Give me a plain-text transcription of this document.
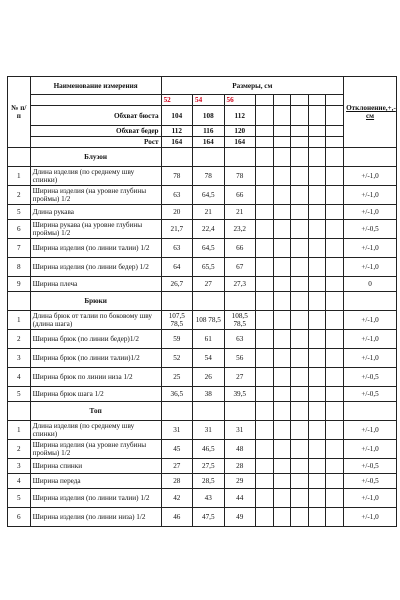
№ п/п	Наименование измерения	Размеры, см								Отклонение,+,- см
		52	54	56						
	Обхват бюста	104	108	112						
	Обхват бедер	112	116	120						
	Рост	164	164	164						
	Блузон									
1	Длина изделия (по среднему шву спинки)	78	78	78						+/-1,0
2	Ширина изделия (на уровне глубины проймы) 1/2	63	64,5	66						+/-1,0
5	Длина рукава	20	21	21						+/-1,0
6	Ширина рукава (на уровне глубины проймы) 1/2	21,7	22,4	23,2						+/-0,5
7	Ширина изделия (по линии талии) 1/2	63	64,5	66						+/-1,0
8	Ширина изделия (по линии бедер) 1/2	64	65,5	67						+/-1,0
9	Ширина плеча	26,7	27	27,3						0
	Брюки									
1	Длина брюк от талии по боковому шву (длина шага)	107,5 78,5	108 78,5	108,5 78,5						+/-1,0
2	Ширина брюк (по линии бедер)1/2	59	61	63						+/-1,0
3	Ширина брюк (по линии талии)1/2	52	54	56						+/-1,0
4	Ширина брюк по линии низа 1/2	25	26	27						+/-0,5
5	Ширина брюк шага 1/2	36,5	38	39,5						+/-0,5
	Топ									
1	Длина изделия (по среднему шву спинки)	31	31	31						+/-1,0
2	Ширина изделия (на уровне глубины проймы) 1/2	45	46,5	48						+/-1,0
3	Ширина спинки	27	27,5	28						+/-0,5
4	Ширина переда	28	28,5	29						+/-0,5
5	Ширина изделия (по линии талии) 1/2	42	43	44						+/-1,0
6	Ширина изделия (по линии низа) 1/2	46	47,5	49						+/-1,0
